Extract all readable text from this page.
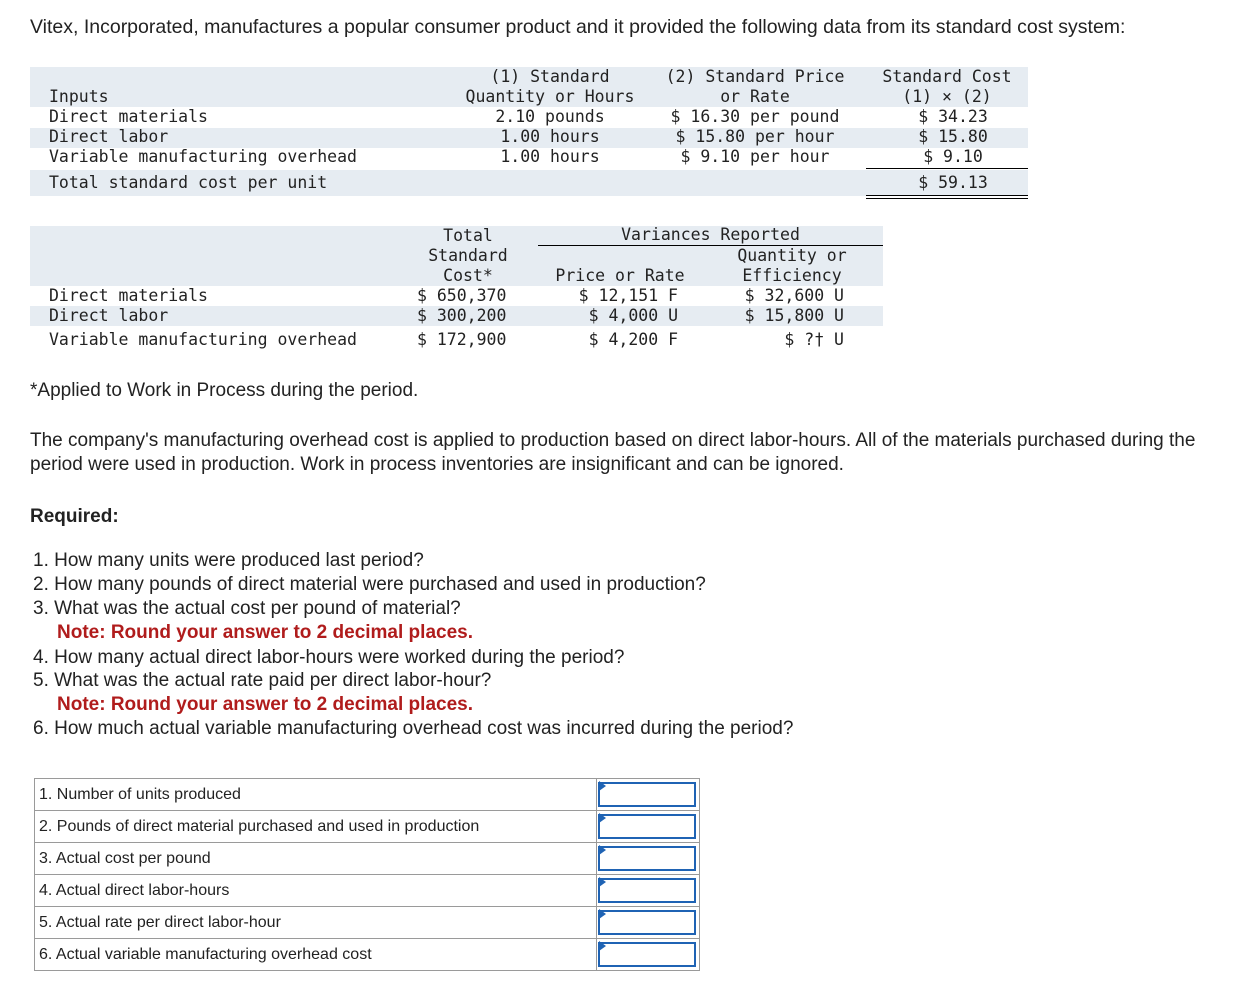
Vitex, Incorporated, manufactures a popular consumer product and it provided the following data from its standard cost system:
Inputs
(1) Standard
Quantity or Hours
(2) Standard Price
or Rate
Standard Cost
(1) × (2)
Direct materials	2.10 pounds	$ 16.30 per pound	$ 34.23
Direct labor	1.00 hours	$ 15.80 per hour	$ 15.80
Variable manufacturing overhead	1.00 hours	$ 9.10 per hour	$ 9.10
Total standard cost per unit	$ 59.13
Total
Standard
Cost*
Variances Reported
Price or Rate
Quantity or
Efficiency
Direct materials	$ 650,370	$ 12,151 F	$ 32,600 U
Direct labor	$ 300,200	$ 4,000 U	$ 15,800 U
Variable manufacturing overhead	$ 172,900	$ 4,200 F	$ ?† U
*Applied to Work in Process during the period.
The company's manufacturing overhead cost is applied to production based on direct labor-hours. All of the materials purchased during the period were used in production. Work in process inventories are insignificant and can be ignored.
Required:
1. How many units were produced last period?
2. How many pounds of direct material were purchased and used in production?
3. What was the actual cost per pound of material?
Note: Round your answer to 2 decimal places.
4. How many actual direct labor-hours were worked during the period?
5. What was the actual rate paid per direct labor-hour?
Note: Round your answer to 2 decimal places.
6. How much actual variable manufacturing overhead cost was incurred during the period?
1. Number of units produced	

2. Pounds of direct material purchased and used in production	

3. Actual cost per pound	

4. Actual direct labor-hours	

5. Actual rate per direct labor-hour	

6. Actual variable manufacturing overhead cost	
